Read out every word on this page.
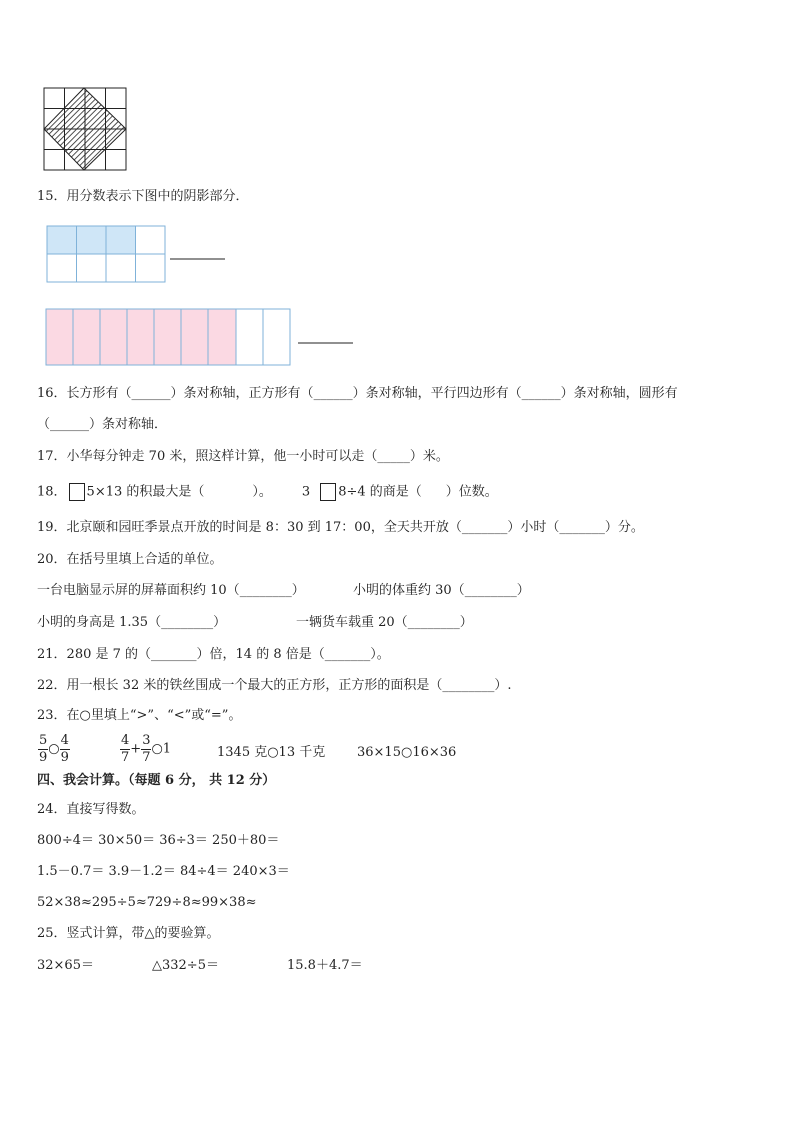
15．用分数表示下图中的阴影部分．
16．长方形有（______）条对称轴，正方形有（______）条对称轴，平行四边形有（______）条对称轴，圆形有
（______）条对称轴．
17．小华每分钟走 70 米，照这样计算，他一小时可以走（_____）米。
18． 5×13 的积最大是（	）。 3 8÷4 的商是（ ）位数。
19．北京颐和园旺季景点开放的时间是 8：30 到 17：00，全天共开放（_______）小时（_______）分。
20．在括号里填上合适的单位。
一台电脑显示屏的屏幕面积约 10（________）	小明的体重约 30（________）
小明的身高是 1.35（________）	一辆货车载重 20（________）
21．280 是 7 的（_______）倍，14 的 8 倍是（_______）。
22．用一根长 32 米的铁丝围成一个最大的正方形，正方形的面积是（________）.
23．在○里填上“>”、“<”或“=”。
$\frac{5}{9}$ ○ $\frac{4}{9}$	$\frac{4}{7} + \frac{3}{7}$ ○1	1345 克○13 千克 36×15○16×36
四、我会计算。（每题 6 分， 共 12 分）
24．直接写得数。
800÷4＝ 30×50＝ 36÷3＝ 250＋80＝
1.5－0.7＝ 3.9－1.2＝ 84÷4＝ 240×3＝
52×38≈295÷5≈729÷8≈99×38≈
25．竖式计算，带△的要验算。
32×65＝	△332÷5＝	15.8＋4.7＝
